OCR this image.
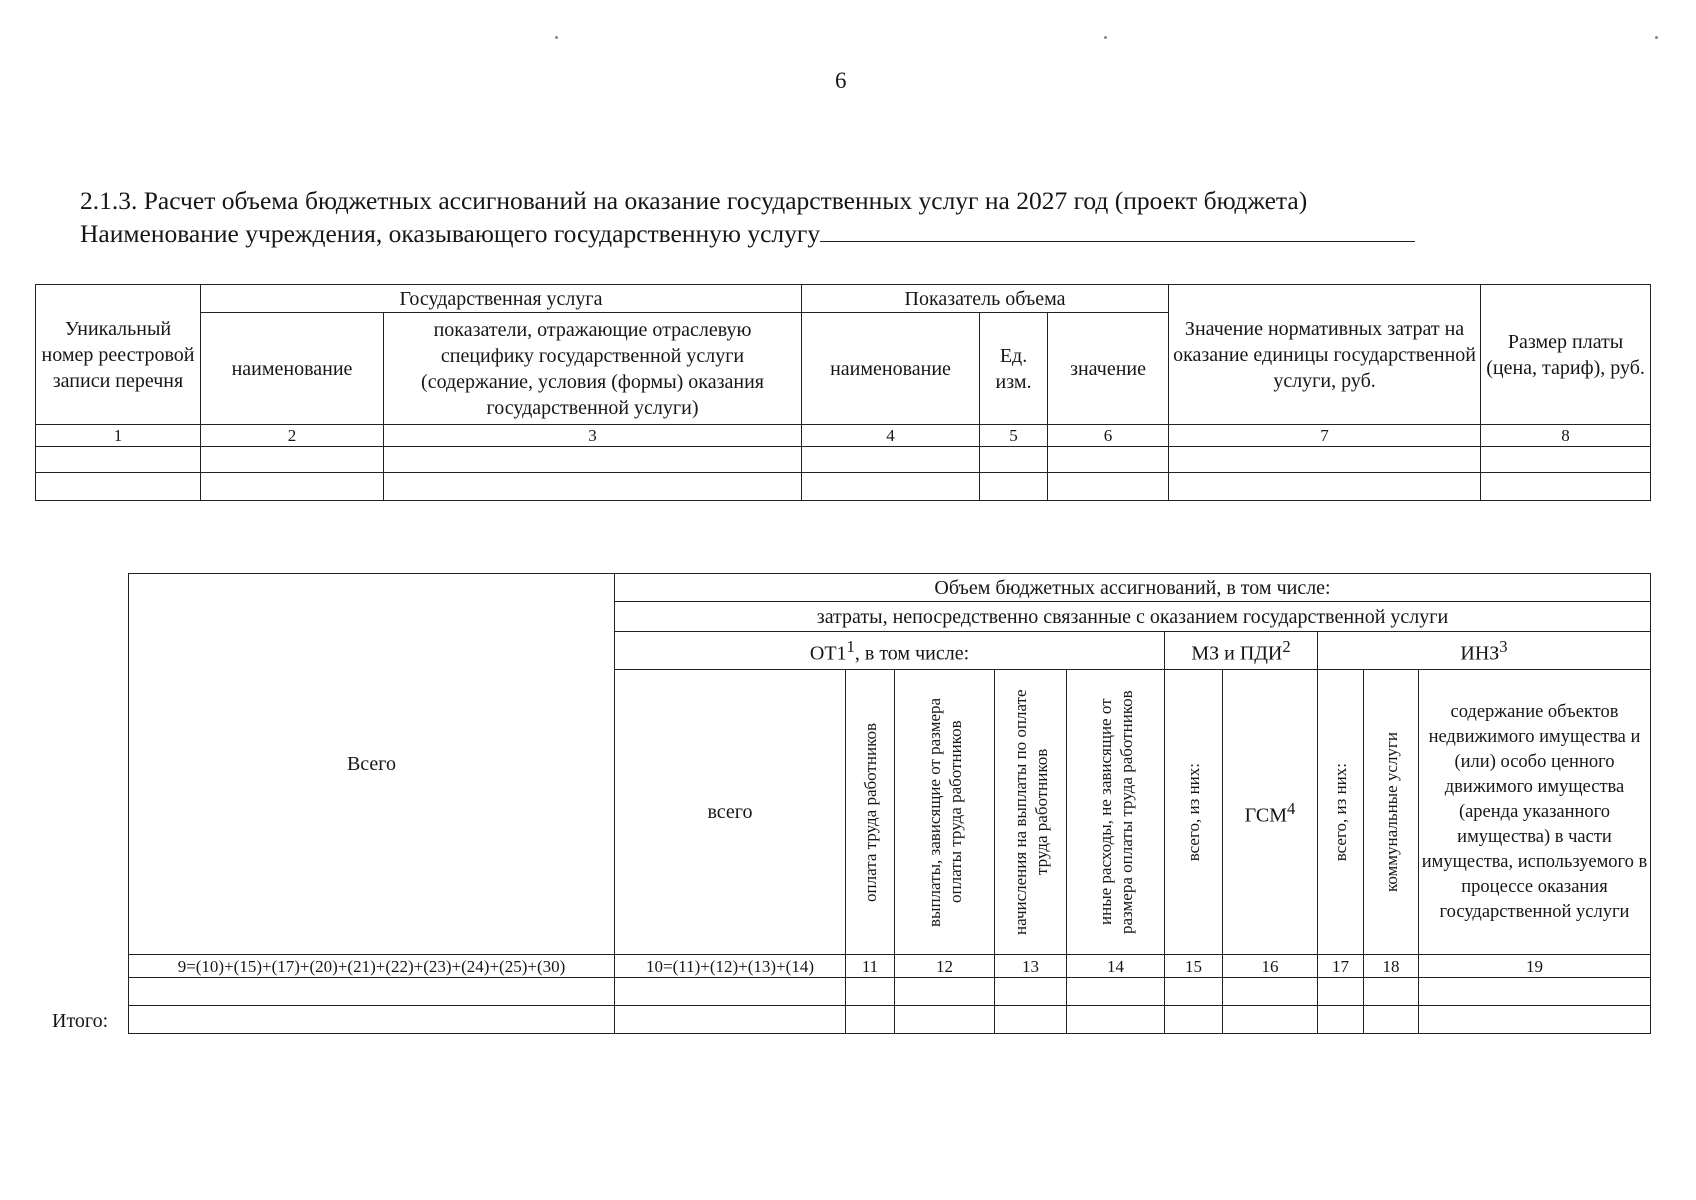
6
2.1.3. Расчет объема бюджетных ассигнований на оказание государственных услуг на 2027 год (проект бюджета)
Наименование учреждения, оказывающего государственную услугу
Уникальный номер реестровой записи перечня	Государственная услуга		Показатель объема			Значение нормативных затрат на оказание единицы государственной услуги, руб.	Размер платы (цена, тариф), руб.
	наименование	показатели, отражающие отраслевую специфику государственной услуги (содержание, условия (формы) оказания государственной услуги)	наименование	Ед. изм.	значение		
1	2	3	4	5	6	7	8

Всего	Объем бюджетных ассигнований, в том числе:									
	затраты, непосредственно связанные с оказанием государственной услуги									
	$ОТ1^1$, в том числе:					МЗ и ПДИ$^2$		ИНЗ$^3$
	всего	оплата труда работников	выплаты, зависящие от размера оплаты труда работников	начисления на выплаты по оплате труда работников	иные расходы, не зависящие от размера оплаты труда работников	всего, из них:	ГСМ$^4$	всего, из них:	коммунальные услуги	содержание объектов недвижимого имущества и (или) особо ценного движимого имущества (аренда указанного имущества) в части имущества, используемого в процессе оказания государственной услуги
9=(10)+(15)+(17)+(20)+(21)+(22)+(23)+(24)+(25)+(30)	10=(11)+(12)+(13)+(14)	11	12	13	14	15	16	17	18	19

Итого:
